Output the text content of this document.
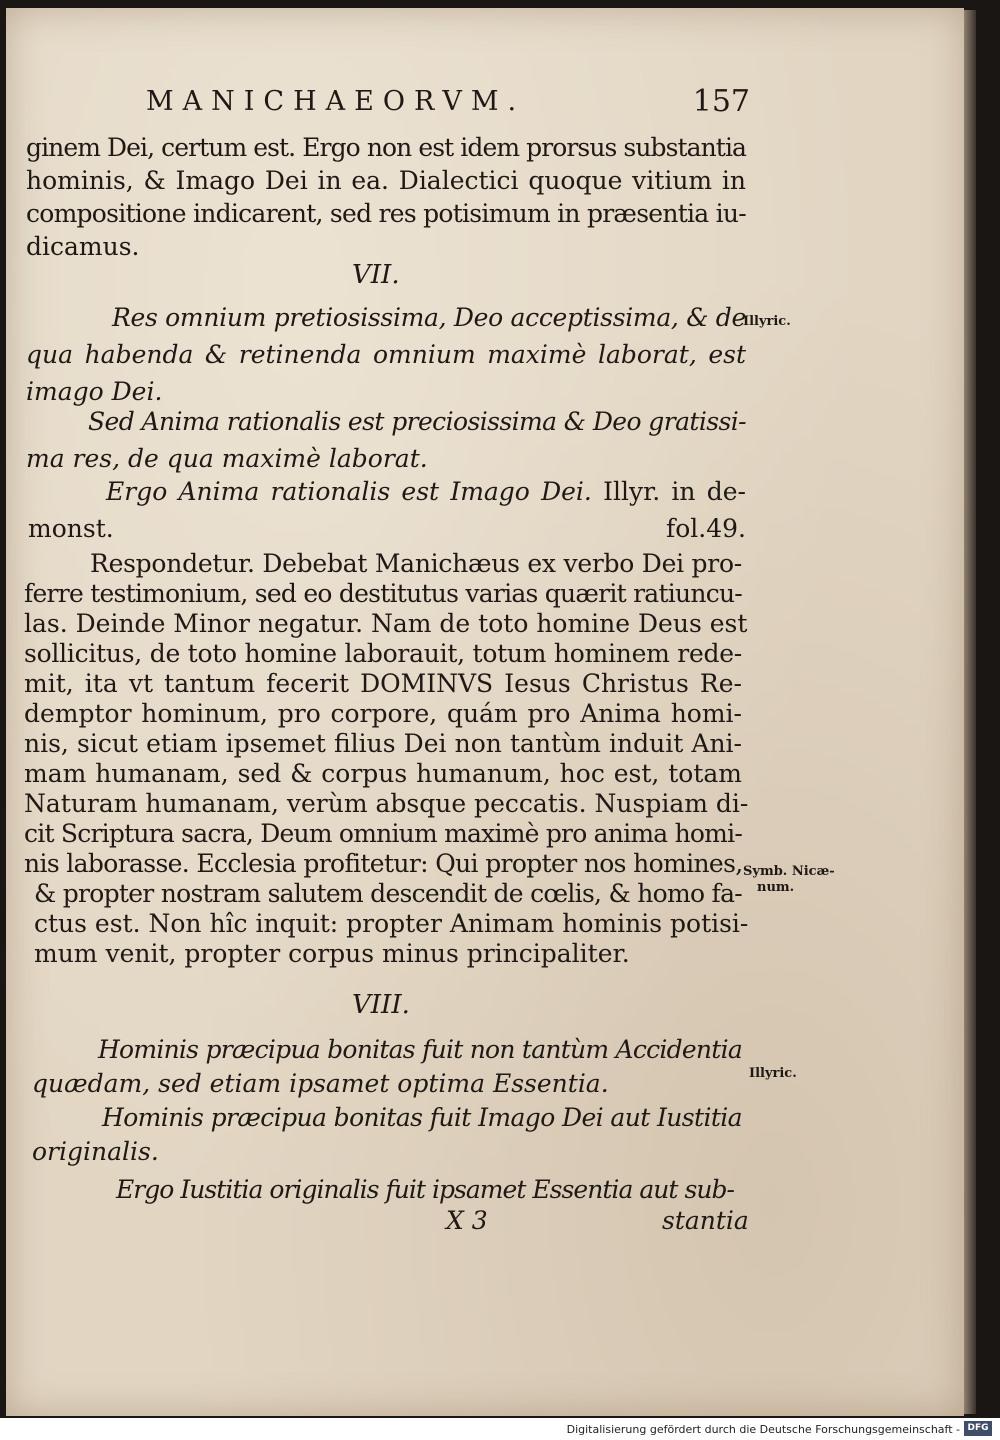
MANICHAEORVM.	157
ginem Dei, certum est. Ergo non est idem prorsus substantia
hominis, & Imago Dei in ea. Dialectici quoque vitium in
compositione indicarent, sed res potisimum in præsentia iu-
dicamus.
VII.
Res omnium pretiosissima, Deo acceptissima, & de
qua habenda & retinenda omnium maximè laborat, est
imago Dei.
Sed Anima rationalis est preciosissima & Deo gratissi-
ma res, de qua maximè laborat.
Ergo Anima rationalis est Imago Dei. Illyr. in de-
monst. fol.49.
Respondetur. Debebat Manichæus ex verbo Dei pro-
ferre testimonium, sed eo destitutus varias quærit ratiuncu-
las. Deinde Minor negatur. Nam de toto homine Deus est
sollicitus, de toto homine laborauit, totum hominem rede-
mit, ita vt tantum fecerit DOMINVS Iesus Christus Re-
demptor hominum, pro corpore, quám pro Anima homi-
nis, sicut etiam ipsemet filius Dei non tantùm induit Ani-
mam humanam, sed & corpus humanum, hoc est, totam
Naturam humanam, verùm absque peccatis. Nuspiam di-
cit Scriptura sacra, Deum omnium maximè pro anima homi-
nis laborasse. Ecclesia profitetur: Qui propter nos homines,
& propter nostram salutem descendit de cœlis, & homo fa-
ctus est. Non hîc inquit: propter Animam hominis potisi-
mum venit, propter corpus minus principaliter.
VIII.
Hominis præcipua bonitas fuit non tantùm Accidentia
quædam, sed etiam ipsamet optima Essentia.
Hominis præcipua bonitas fuit Imago Dei aut Iustitia
originalis.
Ergo Iustitia originalis fuit ipsamet Essentia aut sub-
Illyric.
Symb. Nicæ-
num.
Illyric.
X 3	stantia
Digitalisierung gefördert durch die Deutsche Forschungsgemeinschaft - DFG
